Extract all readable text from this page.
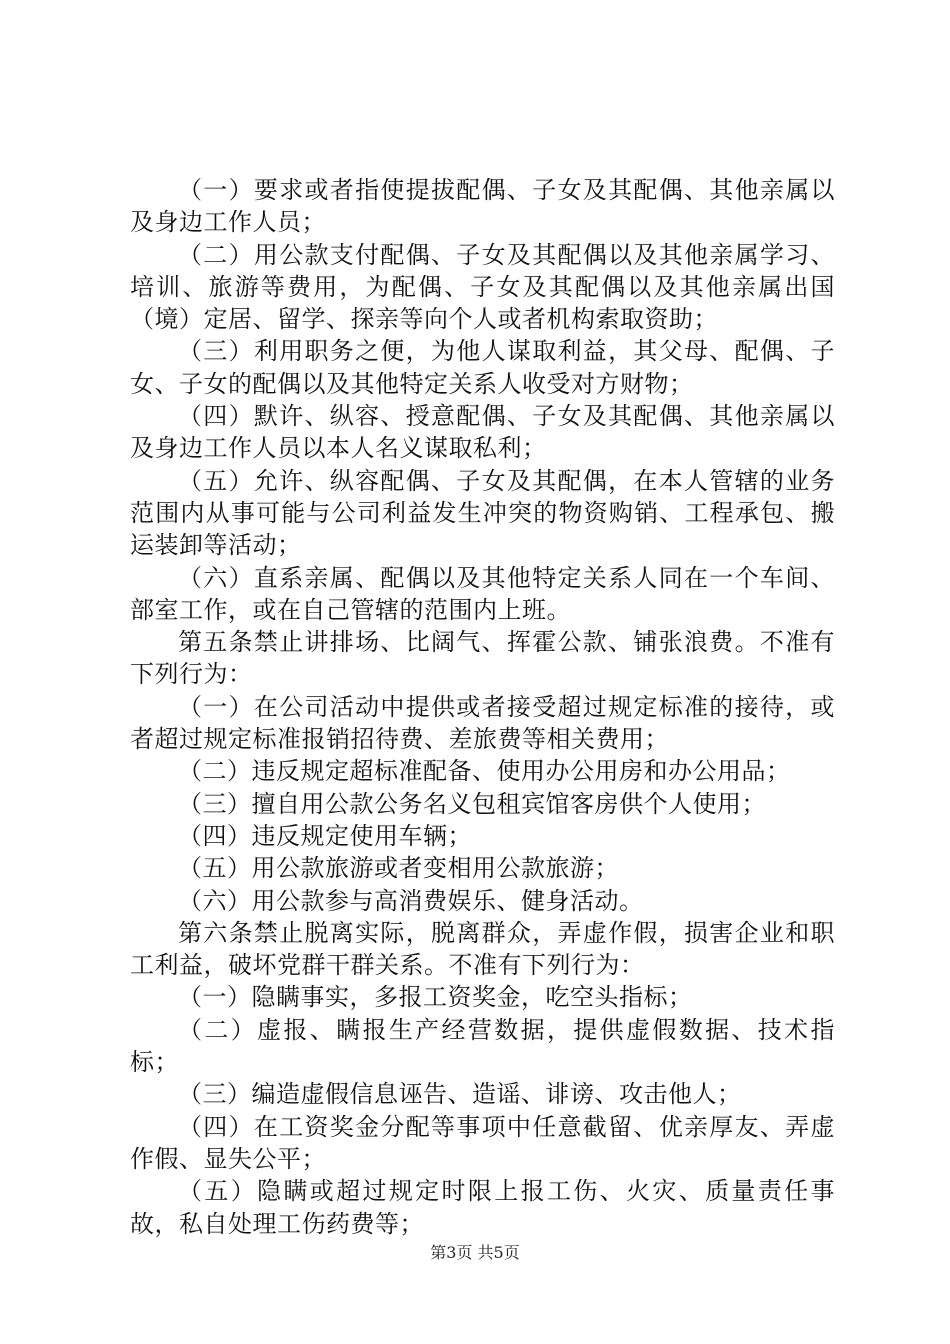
（一）要求或者指使提拔配偶、子女及其配偶、其他亲属以及身边工作人员；

（二）用公款支付配偶、子女及其配偶以及其他亲属学习、培训、旅游等费用，为配偶、子女及其配偶以及其他亲属出国（境）定居、留学、探亲等向个人或者机构索取资助；

（三）利用职务之便，为他人谋取利益，其父母、配偶、子女、子女的配偶以及其他特定关系人收受对方财物；

（四）默许、纵容、授意配偶、子女及其配偶、其他亲属以及身边工作人员以本人名义谋取私利；

（五）允许、纵容配偶、子女及其配偶，在本人管辖的业务范围内从事可能与公司利益发生冲突的物资购销、工程承包、搬运装卸等活动；

（六）直系亲属、配偶以及其他特定关系人同在一个车间、部室工作，或在自己管辖的范围内上班。

第五条禁止讲排场、比阔气、挥霍公款、铺张浪费。不准有下列行为：

（一）在公司活动中提供或者接受超过规定标准的接待，或者超过规定标准报销招待费、差旅费等相关费用；

（二）违反规定超标准配备、使用办公用房和办公用品；

（三）擅自用公款公务名义包租宾馆客房供个人使用；

（四）违反规定使用车辆；

（五）用公款旅游或者变相用公款旅游；

（六）用公款参与高消费娱乐、健身活动。

第六条禁止脱离实际，脱离群众，弄虚作假，损害企业和职工利益，破坏党群干群关系。不准有下列行为：

（一）隐瞒事实，多报工资奖金，吃空头指标；

（二）虚报、瞒报生产经营数据，提供虚假数据、技术指标；

（三）编造虚假信息诬告、造谣、诽谤、攻击他人；

（四）在工资奖金分配等事项中任意截留、优亲厚友、弄虚作假、显失公平；

（五）隐瞒或超过规定时限上报工伤、火灾、质量责任事故，私自处理工伤药费等；

第3页 共5页
